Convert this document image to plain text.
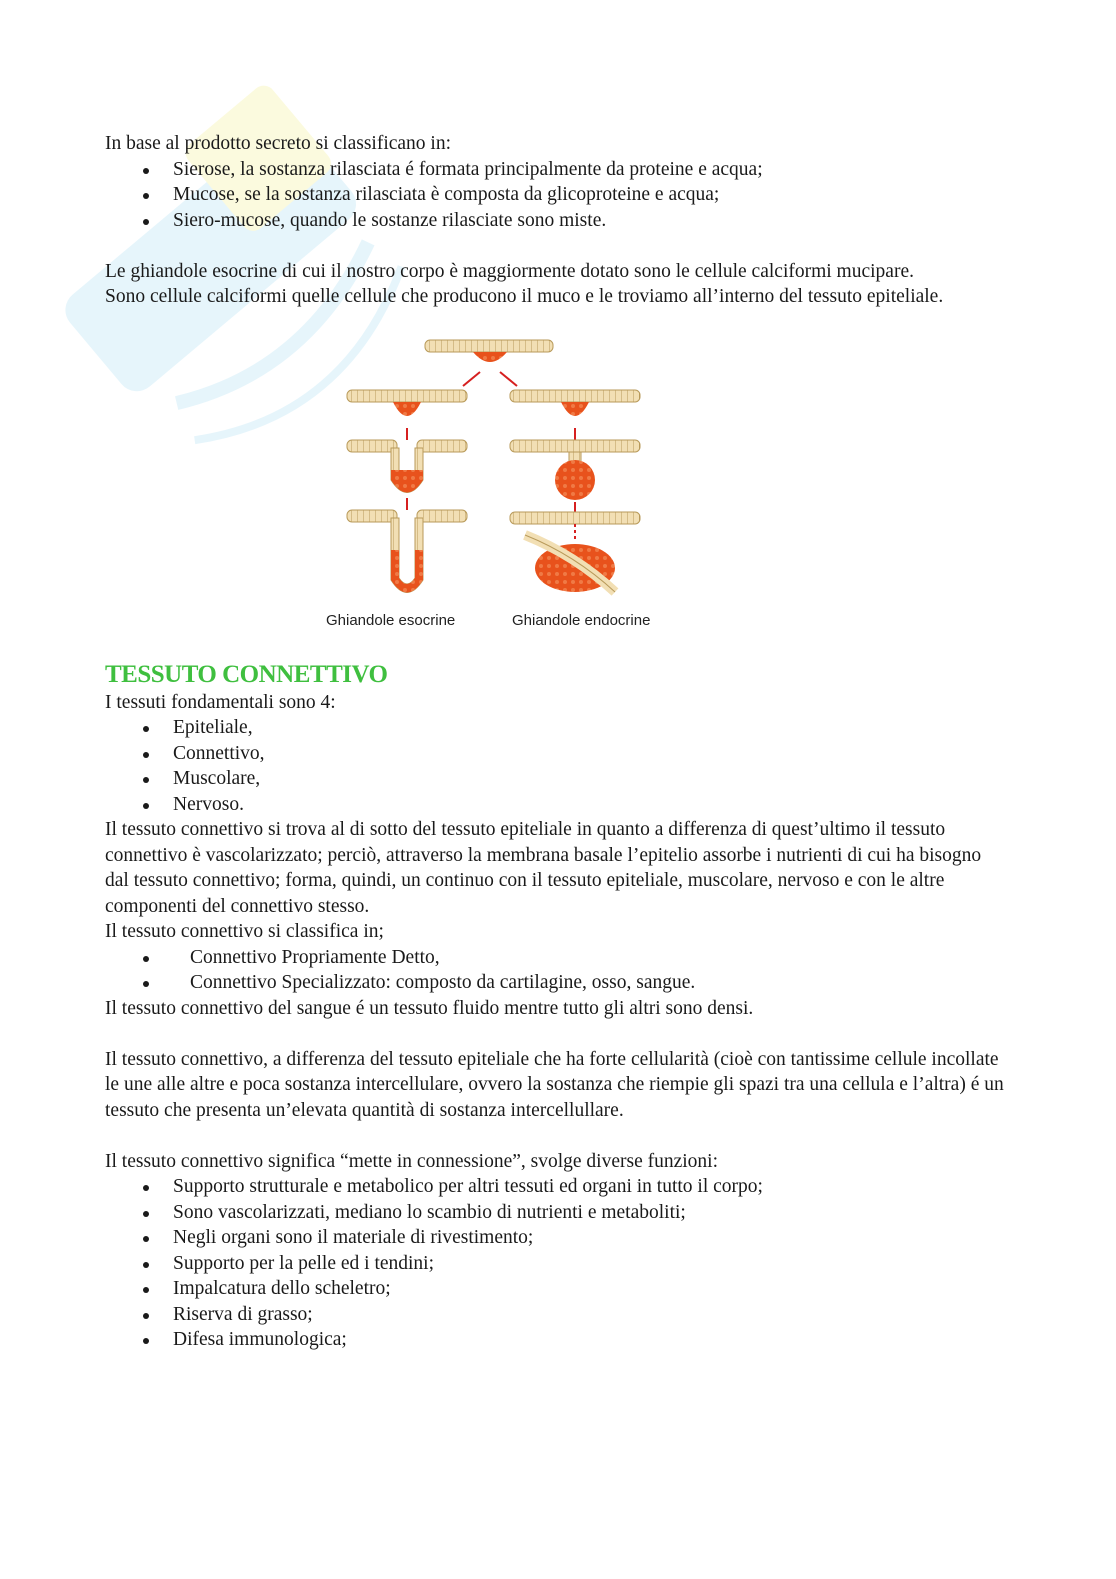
In base al prodotto secreto si classificano in:

Sierose, la sostanza rilasciata é formata principalmente da proteine e acqua;
Mucose, se la sostanza rilasciata è composta da glicoproteine e acqua;
Siero-mucose, quando le sostanze rilasciate sono miste.

Le ghiandole esocrine di cui il nostro corpo è maggiormente dotato sono le cellule calciformi mucipare.

Sono cellule calciformi quelle cellule che producono il muco e le troviamo all’interno del tessuto epiteliale.

Ghiandole esocrine	Ghiandole endocrine
TESSUTO CONNETTIVO

I tessuti fondamentali sono 4:

Epiteliale,
Connettivo,
Muscolare,
Nervoso.

Il tessuto connettivo si trova al di sotto del tessuto epiteliale in quanto a differenza di quest’ultimo il tessuto connettivo è vascolarizzato; perciò, attraverso la membrana basale l’epitelio assorbe i nutrienti di cui ha bisogno dal tessuto connettivo; forma, quindi, un continuo con il tessuto epiteliale, muscolare, nervoso e con le altre componenti del connettivo stesso.

Il tessuto connettivo si classifica in;

Connettivo Propriamente Detto,
Connettivo Specializzato: composto da cartilagine, osso, sangue.

Il tessuto connettivo del sangue é un tessuto fluido mentre tutto gli altri sono densi.

Il tessuto connettivo, a differenza del tessuto epiteliale che ha forte cellularità (cioè con tantissime cellule incollate le une alle altre e poca sostanza intercellulare, ovvero la sostanza che riempie gli spazi tra una cellula e l’altra) é un tessuto che presenta un’elevata quantità di sostanza intercellullare.

Il tessuto connettivo significa “mette in connessione”, svolge diverse funzioni:

Supporto strutturale e metabolico per altri tessuti ed organi in tutto il corpo;
Sono vascolarizzati, mediano lo scambio di nutrienti e metaboliti;
Negli organi sono il materiale di rivestimento;
Supporto per la pelle ed i tendini;
Impalcatura dello scheletro;
Riserva di grasso;
Difesa immunologica;
